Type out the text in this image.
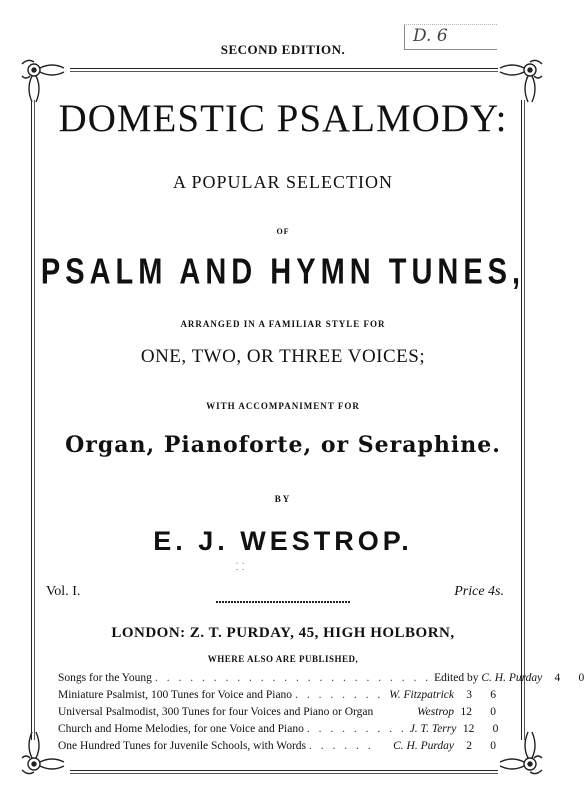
SECOND EDITION.
D. 6
DOMESTIC PSALMODY:
A POPULAR SELECTION
OF
PSALM AND HYMN TUNES,
ARRANGED IN A FAMILIAR STYLE FOR
ONE, TWO, OR THREE VOICES;
WITH ACCOMPANIMENT FOR
Organ, Pianoforte, or Seraphine.
BY
E. J. WESTROP.
⸬
Vol. I.	Price 4s.
LONDON: Z. T. PURDAY, 45, HIGH HOLBORN,
WHERE ALSO ARE PUBLISHED,
Songs for the Young . . . . . . . . . . . . . . . . . . . . . . . . Edited by C. H. Purday	4	0
Miniature Psalmist, 100 Tunes for Voice and Piano . . . . . . . . W. Fitzpatrick	3	6
Universal Psalmodist, 300 Tunes for four Voices and Piano or Organ	Westrop 12	0
Church and Home Melodies, for one Voice and Piano . . . . . . . . . J. T. Terry 12	0
One Hundred Tunes for Juvenile Schools, with Words . . . . . .	C. H. Purday	2	0
